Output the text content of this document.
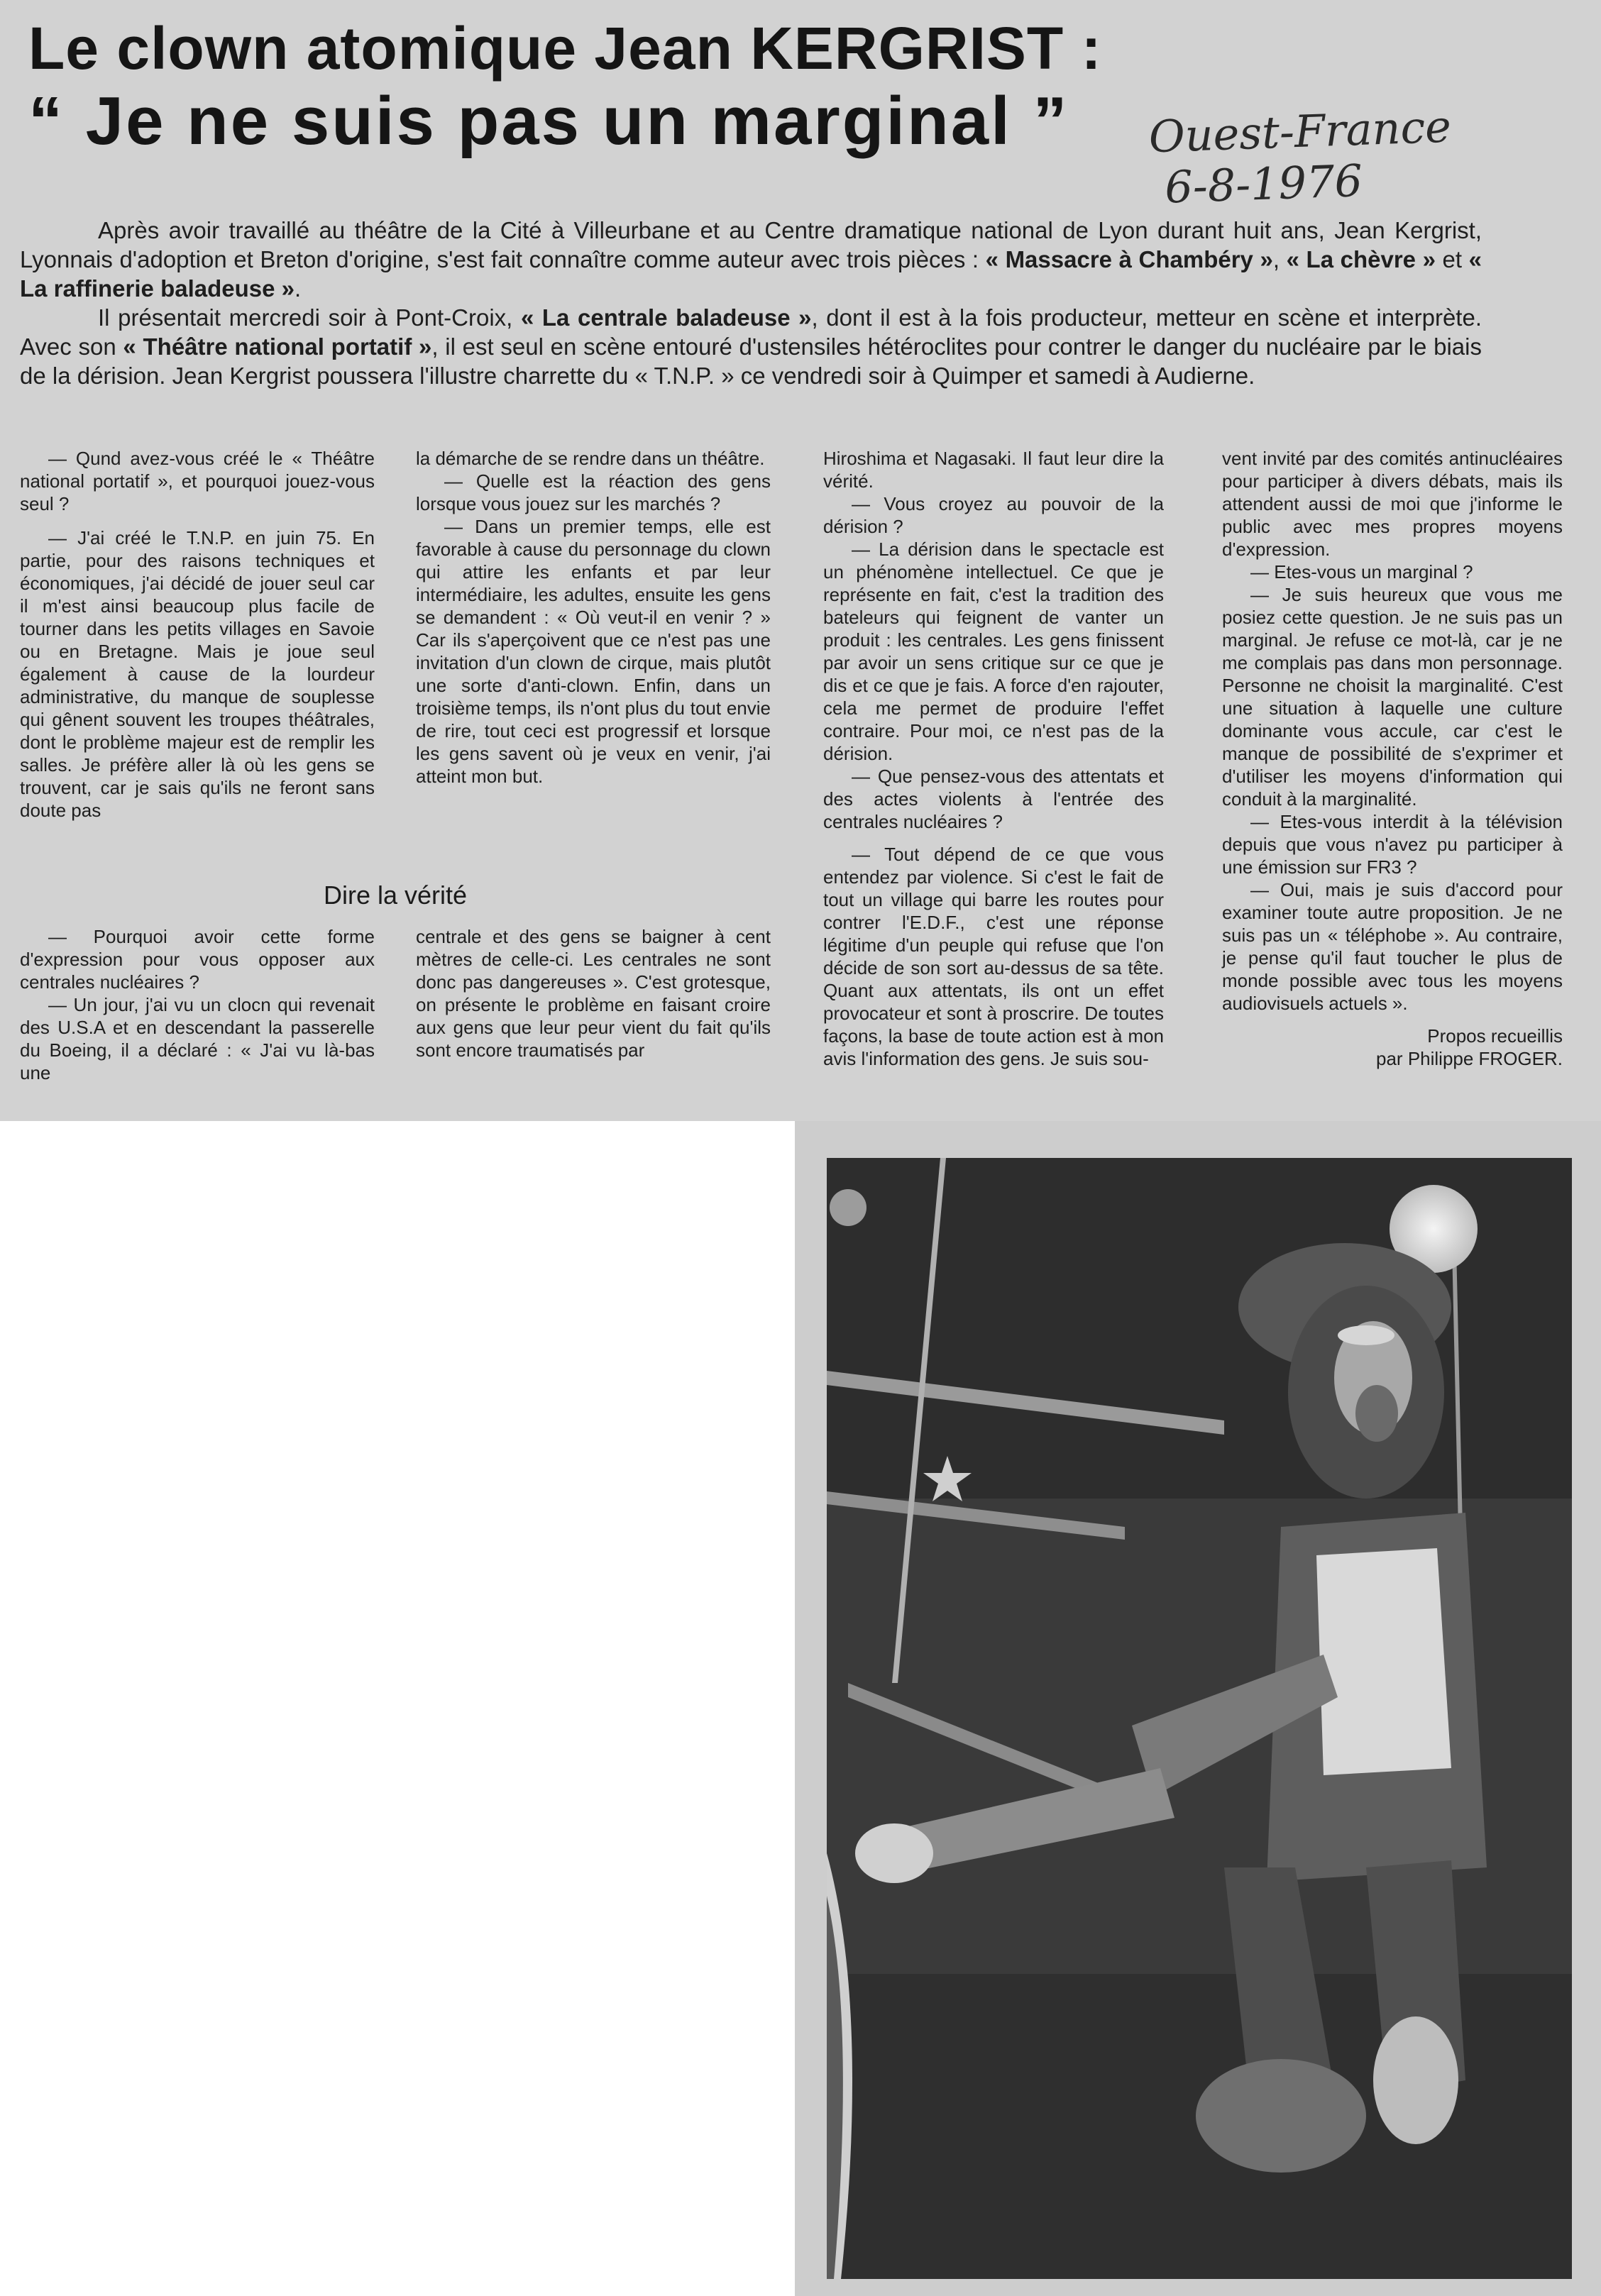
Le clown atomique Jean KERGRIST :
“ Je ne suis pas un marginal ”	Ouest-France
6-8-1976

Après avoir travaillé au théâtre de la Cité à Villeurbane et au Centre dramatique national de Lyon durant huit ans, Jean Kergrist, Lyonnais d'adoption et Breton d'origine, s'est fait connaître comme auteur avec trois pièces : « Massacre à Chambéry », « La chèvre » et « La raffinerie baladeuse ».

Il présentait mercredi soir à Pont-Croix, « La centrale baladeuse », dont il est à la fois producteur, metteur en scène et interprète. Avec son « Théâtre national portatif », il est seul en scène entouré d'ustensiles hétéroclites pour contrer le danger du nucléaire par le biais de la dérision. Jean Kergrist poussera l'illustre charrette du « T.N.P. » ce vendredi soir à Quimper et samedi à Audierne.

— Qund avez-vous créé le « Théâtre national portatif », et pourquoi jouez-vous seul ?

— J'ai créé le T.N.P. en juin 75. En partie, pour des raisons techniques et économiques, j'ai décidé de jouer seul car il m'est ainsi beaucoup plus facile de tourner dans les petits villages en Savoie ou en Bretagne. Mais je joue seul également à cause de la lourdeur administrative, du manque de souplesse qui gênent souvent les troupes théâtrales, dont le problème majeur est de remplir les salles. Je préfère aller là où les gens se trouvent, car je sais qu'ils ne feront sans doute pas

la démarche de se rendre dans un théâtre.

— Quelle est la réaction des gens lorsque vous jouez sur les marchés ?

— Dans un premier temps, elle est favorable à cause du personnage du clown qui attire les enfants et par leur intermédiaire, les adultes, ensuite les gens se demandent : « Où veut-il en venir ? » Car ils s'aperçoivent que ce n'est pas une invitation d'un clown de cirque, mais plutôt une sorte d'anti-clown. Enfin, dans un troisième temps, ils n'ont plus du tout envie de rire, tout ceci est progressif et lorsque les gens savent où je veux en venir, j'ai atteint mon but.

Dire la vérité

— Pourquoi avoir cette forme d'expression pour vous opposer aux centrales nucléaires ?

— Un jour, j'ai vu un clocn qui revenait des U.S.A et en descendant la passerelle du Boeing, il a déclaré : « J'ai vu là-bas une

centrale et des gens se baigner à cent mètres de celle-ci. Les centrales ne sont donc pas dangereuses ». C'est grotesque, on présente le problème en faisant croire aux gens que leur peur vient du fait qu'ils sont encore traumatisés par

Hiroshima et Nagasaki. Il faut leur dire la vérité.

— Vous croyez au pouvoir de la dérision ?

— La dérision dans le spectacle est un phénomène intellectuel. Ce que je représente en fait, c'est la tradition des bateleurs qui feignent de vanter un produit : les centrales. Les gens finissent par avoir un sens critique sur ce que je dis et ce que je fais. A force d'en rajouter, cela me permet de produire l'effet contraire. Pour moi, ce n'est pas de la dérision.

— Que pensez-vous des attentats et des actes violents à l'entrée des centrales nucléaires ?

— Tout dépend de ce que vous entendez par violence. Si c'est le fait de tout un village qui barre les routes pour contrer l'E.D.F., c'est une réponse légitime d'un peuple qui refuse que l'on décide de son sort au-dessus de sa tête. Quant aux attentats, ils ont un effet provocateur et sont à proscrire. De toutes façons, la base de toute action est à mon avis l'information des gens. Je suis sou-

vent invité par des comités antinucléaires pour participer à divers débats, mais ils attendent aussi de moi que j'informe le public avec mes propres moyens d'expression.

— Etes-vous un marginal ?

— Je suis heureux que vous me posiez cette question. Je ne suis pas un marginal. Je refuse ce mot-là, car je ne me complais pas dans mon personnage. Personne ne choisit la marginalité. C'est une situation à laquelle une culture dominante vous accule, car c'est le manque de possibilité de s'exprimer et d'utiliser les moyens d'information qui conduit à la marginalité.

— Etes-vous interdit à la télévision depuis que vous n'avez pu participer à une émission sur FR3 ?

— Oui, mais je suis d'accord pour examiner toute autre proposition. Je ne suis pas un « téléphobe ». Au contraire, je pense qu'il faut toucher le plus de monde possible avec tous les moyens audiovisuels actuels ».

Propos recueillis
par Philippe FROGER.
